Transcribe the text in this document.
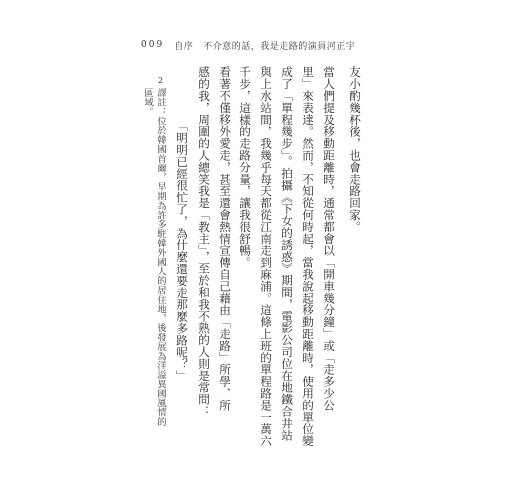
009 自序 不介意的話，我是走路的演員河正宇
友小酌幾杯後，也會走路回家。
當人們提及移動距離時，通常都會以「開車幾分鐘」或「走多少公
里」來表達。然而，不知從何時起，當我說起移動距離時，使用的單位變
成了「單程幾步」。拍攝《下女的誘惑》期間，電影公司位在地鐵合井站
與上水站間，我幾乎每天都從江南走到麻浦。這條上班的單程路是一萬六
千步，這樣的走路分量，讓我很舒暢。
看著不僅移外愛走，甚至還會熱情宣傳自己藉由「走路」所學、所
感的我，周圍的人總笑我是「教主」，至於和我不熟的人則是常問：
「明明已經很忙了，為什麼還要走那麼多路呢？」
2
譯註：位於韓國首爾，早期為許多駐韓外國人的居住地，後發展為洋溢異國風情的
區域。
